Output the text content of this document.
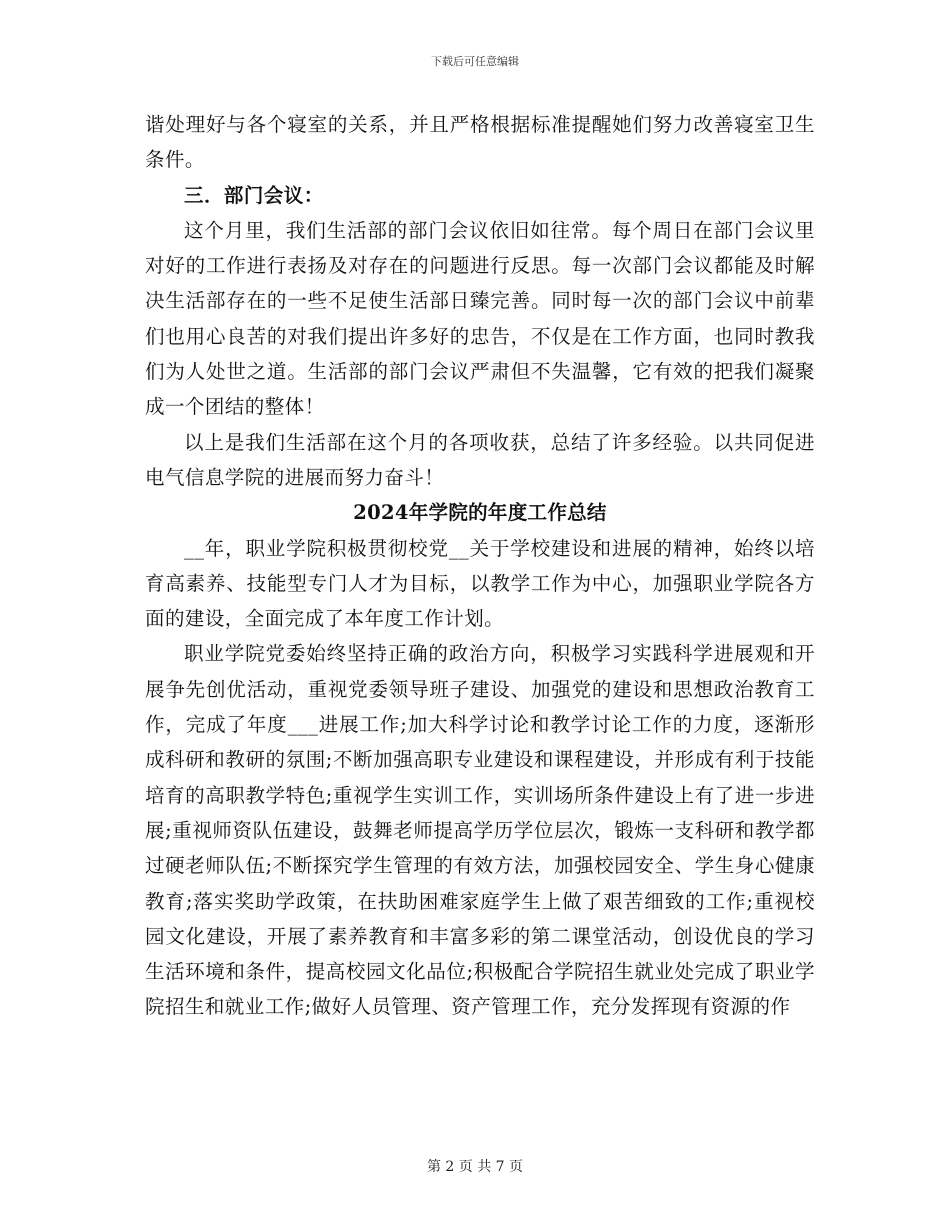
下载后可任意编辑

谐处理好与各个寝室的关系，并且严格根据标准提醒她们努力改善寝室卫生条件。

三．部门会议：

这个月里，我们生活部的部门会议依旧如往常。每个周日在部门会议里对好的工作进行表扬及对存在的问题进行反思。每一次部门会议都能及时解决生活部存在的一些不足使生活部日臻完善。同时每一次的部门会议中前辈们也用心良苦的对我们提出许多好的忠告，不仅是在工作方面，也同时教我们为人处世之道。生活部的部门会议严肃但不失温馨，它有效的把我们凝聚成一个团结的整体！

以上是我们生活部在这个月的各项收获，总结了许多经验。以共同促进电气信息学院的进展而努力奋斗！

2024年学院的年度工作总结

__年，职业学院积极贯彻校党__关于学校建设和进展的精神，始终以培育高素养、技能型专门人才为目标，以教学工作为中心，加强职业学院各方面的建设，全面完成了本年度工作计划。

职业学院党委始终坚持正确的政治方向，积极学习实践科学进展观和开展争先创优活动，重视党委领导班子建设、加强党的建设和思想政治教育工作，完成了年度___进展工作;加大科学讨论和教学讨论工作的力度，逐渐形成科研和教研的氛围;不断加强高职专业建设和课程建设，并形成有利于技能培育的高职教学特色;重视学生实训工作，实训场所条件建设上有了进一步进展;重视师资队伍建设，鼓舞老师提高学历学位层次，锻炼一支科研和教学都过硬老师队伍;不断探究学生管理的有效方法，加强校园安全、学生身心健康教育;落实奖助学政策，在扶助困难家庭学生上做了艰苦细致的工作;重视校园文化建设，开展了素养教育和丰富多彩的第二课堂活动，创设优良的学习生活环境和条件，提高校园文化品位;积极配合学院招生就业处完成了职业学院招生和就业工作;做好人员管理、资产管理工作，充分发挥现有资源的作

第 2 页 共 7 页
